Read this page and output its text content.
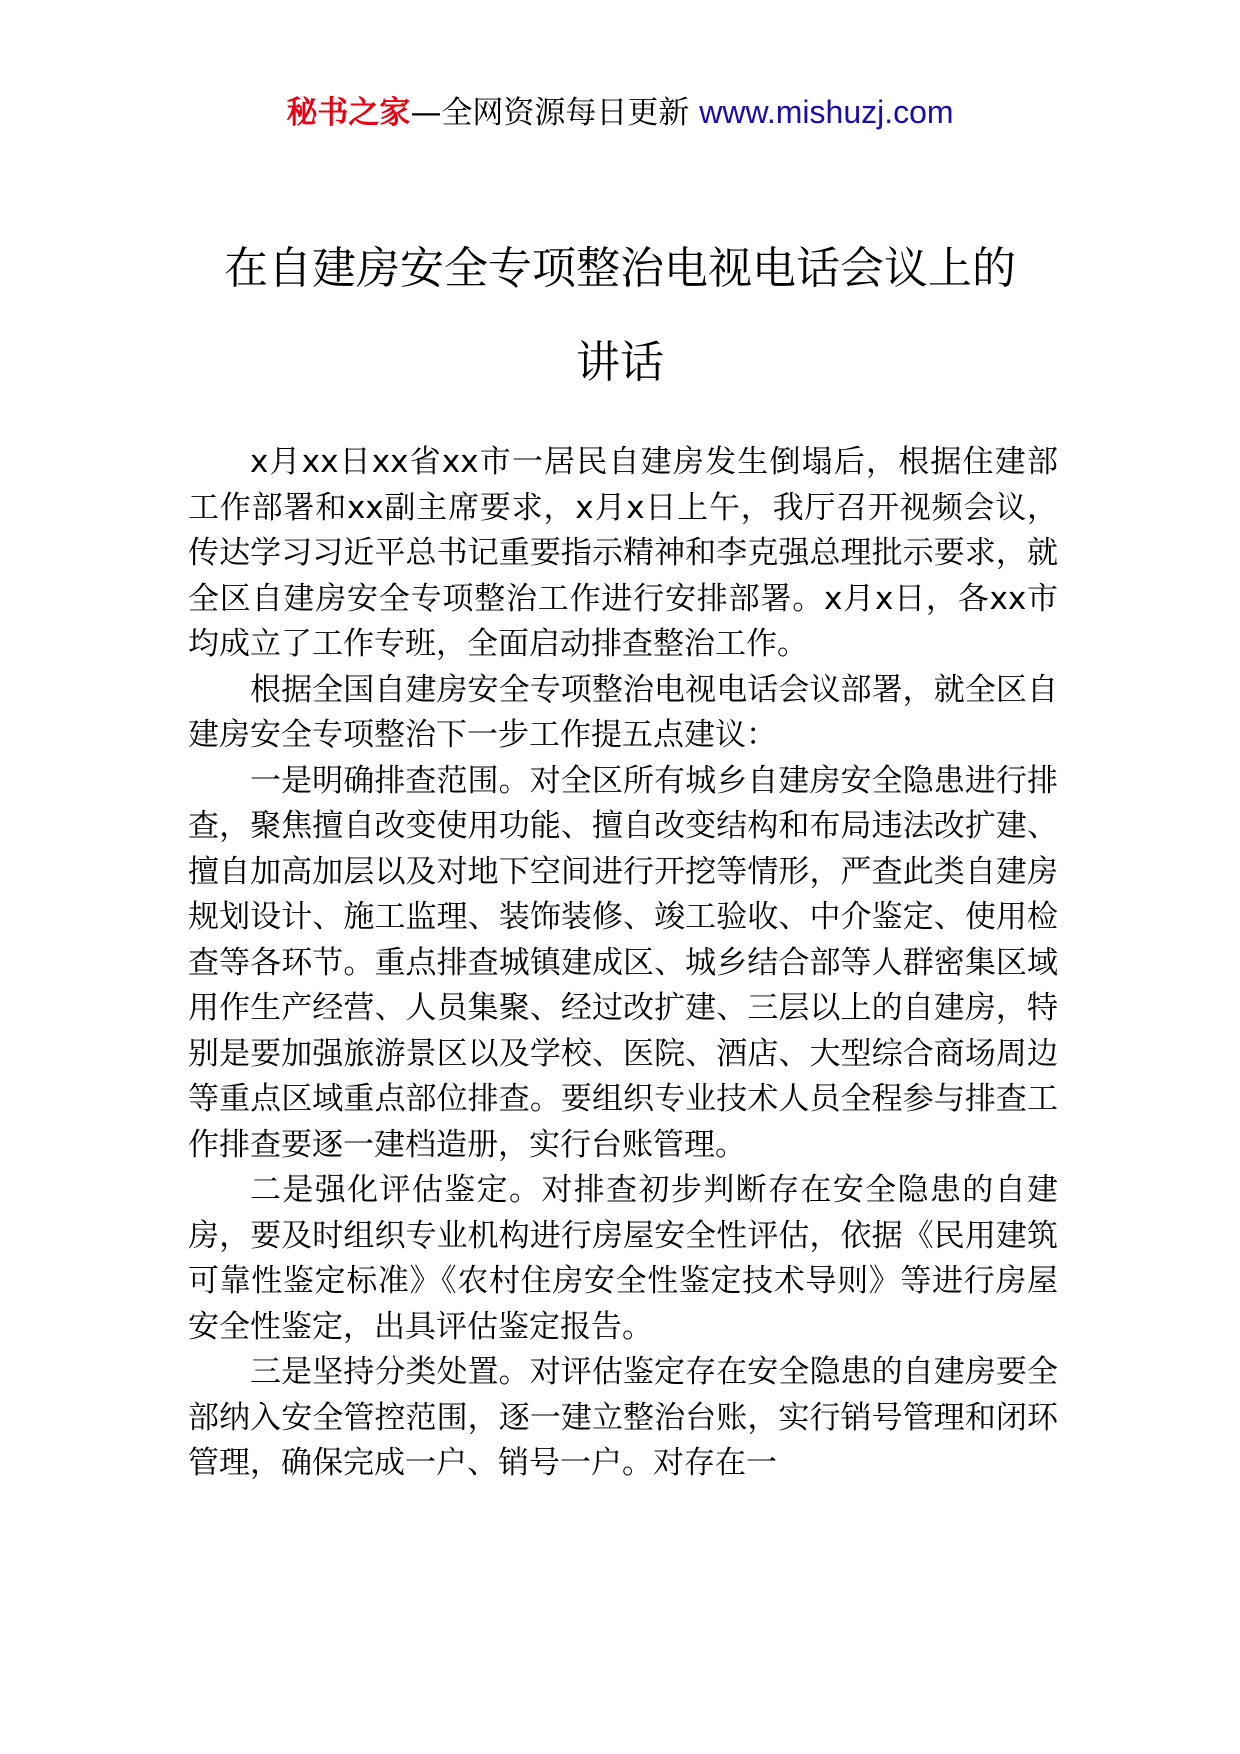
秘书之家—全网资源每日更新 www.mishuzj.com
在自建房安全专项整治电视电话会议上的
讲话

x月xx日xx省xx市一居民自建房发生倒塌后，根据住建部工作部署和xx副主席要求，x月x日上午，我厅召开视频会议，传达学习习近平总书记重要指示精神和李克强总理批示要求，就全区自建房安全专项整治工作进行安排部署。x月x日，各xx市均成立了工作专班，全面启动排查整治工作。

根据全国自建房安全专项整治电视电话会议部署，就全区自建房安全专项整治下一步工作提五点建议：

一是明确排查范围。对全区所有城乡自建房安全隐患进行排查，聚焦擅自改变使用功能、擅自改变结构和布局违法改扩建、擅自加高加层以及对地下空间进行开挖等情形，严查此类自建房规划设计、施工监理、装饰装修、竣工验收、中介鉴定、使用检查等各环节。重点排查城镇建成区、城乡结合部等人群密集区域用作生产经营、人员集聚、经过改扩建、三层以上的自建房，特别是要加强旅游景区以及学校、医院、酒店、大型综合商场周边等重点区域重点部位排查。要组织专业技术人员全程参与排查工作排查要逐一建档造册，实行台账管理。

二是强化评估鉴定。对排查初步判断存在安全隐患的自建房，要及时组织专业机构进行房屋安全性评估，依据《民用建筑可靠性鉴定标准》《农村住房安全性鉴定技术导则》等进行房屋安全性鉴定，出具评估鉴定报告。

三是坚持分类处置。对评估鉴定存在安全隐患的自建房要全部纳入安全管控范围，逐一建立整治台账，实行销号管理和闭环管理，确保完成一户、销号一户。对存在一
